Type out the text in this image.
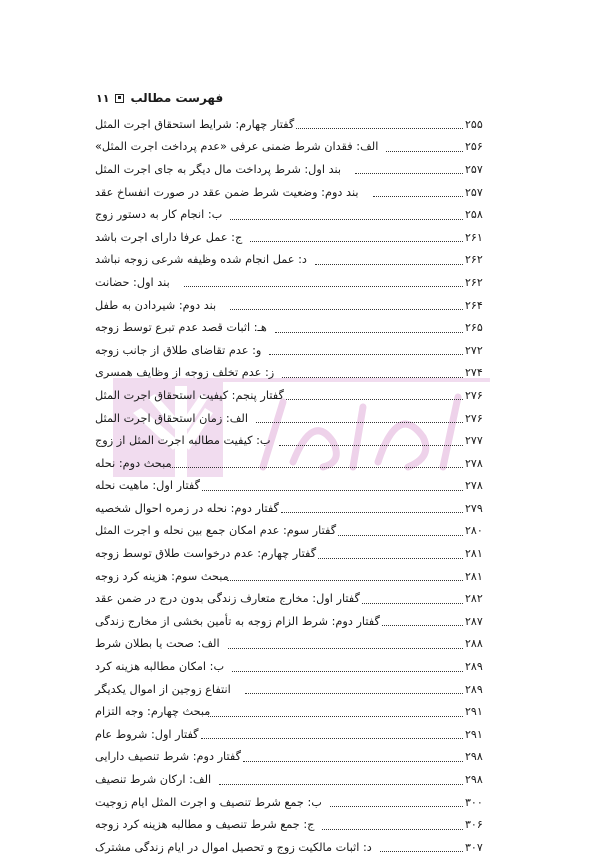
۱۱ فهرست مطالب
گفتار چهارم: شرایط استحقاق اجرت المثل	۲۵۵
الف: فقدان شرط ضمنی عرفی «عدم پرداخت اجرت المثل»	۲۵۶
بند اول: شرط پرداخت مال دیگر به جای اجرت المثل	۲۵۷
بند دوم: وضعیت شرط ضمن عقد در صورت انفساخ عقد	۲۵۷
ب: انجام کار به دستور زوج	۲۵۸
ج: عمل عرفا دارای اجرت باشد	۲۶۱
د: عمل انجام شده وظیفه شرعی زوجه نباشد	۲۶۲
بند اول: حضانت	۲۶۲
بند دوم: شیردادن به طفل	۲۶۴
هـ: اثبات قصد عدم تبرع توسط زوجه	۲۶۵
و: عدم تقاضای طلاق از جانب زوجه	۲۷۲
ز: عدم تخلف زوجه از وظایف همسری	۲۷۴
گفتار پنجم: کیفیت استحقاق اجرت المثل	۲۷۶
الف: زمان استحقاق اجرت المثل	۲۷۶
ب: کیفیت مطالبه اجرت المثل از زوج	۲۷۷
مبحث دوم: نحله	۲۷۸
گفتار اول: ماهیت نحله	۲۷۸
گفتار دوم: نحله در زمره احوال شخصیه	۲۷۹
گفتار سوم: عدم امکان جمع بین نحله و اجرت المثل	۲۸۰
گفتار چهارم: عدم درخواست طلاق توسط زوجه	۲۸۱
مبحث سوم: هزینه کرد زوجه	۲۸۱
گفتار اول: مخارج متعارف زندگی بدون درج در ضمن عقد	۲۸۲
گفتار دوم: شرط الزام زوجه به تأمین بخشی از مخارج زندگی	۲۸۷
الف: صحت یا بطلان شرط	۲۸۸
ب: امکان مطالبه هزینه کرد	۲۸۹
انتفاع زوجین از اموال یکدیگر	۲۸۹
مبحث چهارم: وجه التزام	۲۹۱
گفتار اول: شروط عام	۲۹۱
گفتار دوم: شرط تنصیف دارایی	۲۹۸
الف: ارکان شرط تنصیف	۲۹۸
ب: جمع شرط تنصیف و اجرت المثل ایام زوجیت	۳۰۰
ج: جمع شرط تنصیف و مطالبه هزینه کرد زوجه	۳۰۶
د: اثبات مالکیت زوج و تحصیل اموال در ایام زندگی مشترک	۳۰۷
